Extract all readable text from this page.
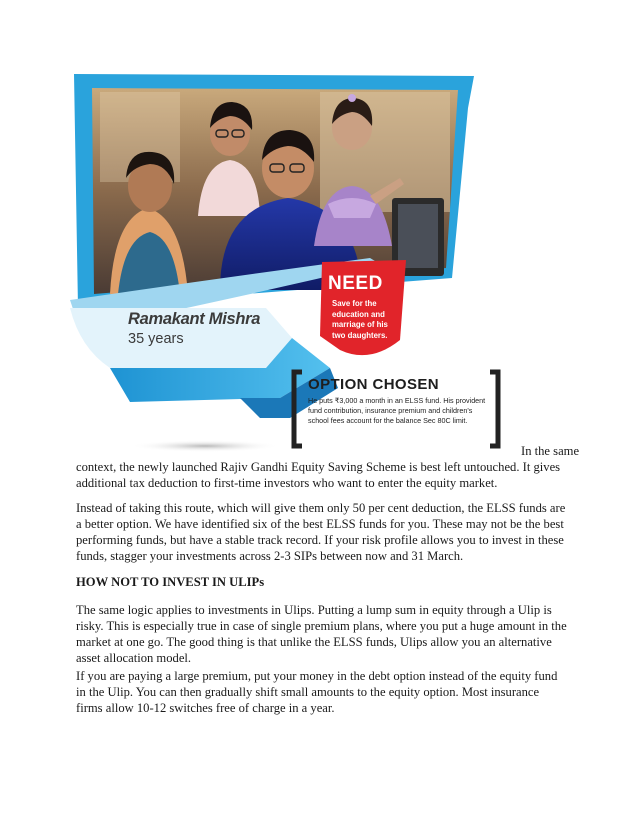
Ramakant Mishra
35 years
NEED
Save for the education and marriage of his two daughters.
OPTION CHOSEN
He puts ₹3,000 a month in an ELSS fund. His provident fund contribution, insurance premium and children's school fees account for the balance Sec 80C limit.
In the same

context, the newly launched Rajiv Gandhi Equity Saving Scheme is best left untouched. It gives additional tax deduction to first-time investors who want to enter the equity market.

Instead of taking this route, which will give them only 50 per cent deduction, the ELSS funds are a better option. We have identified six of the best ELSS funds for you. These may not be the best performing funds, but have a stable track record. If your risk profile allows you to invest in these funds, stagger your investments across 2-3 SIPs between now and 31 March.

HOW NOT TO INVEST IN ULIPs

The same logic applies to investments in Ulips. Putting a lump sum in equity through a Ulip is risky. This is especially true in case of single premium plans, where you put a huge amount in the market at one go. The good thing is that unlike the ELSS funds, Ulips allow you an alternative asset allocation model.

If you are paying a large premium, put your money in the debt option instead of the equity fund in the Ulip. You can then gradually shift small amounts to the equity option. Most insurance firms allow 10-12 switches free of charge in a year.
